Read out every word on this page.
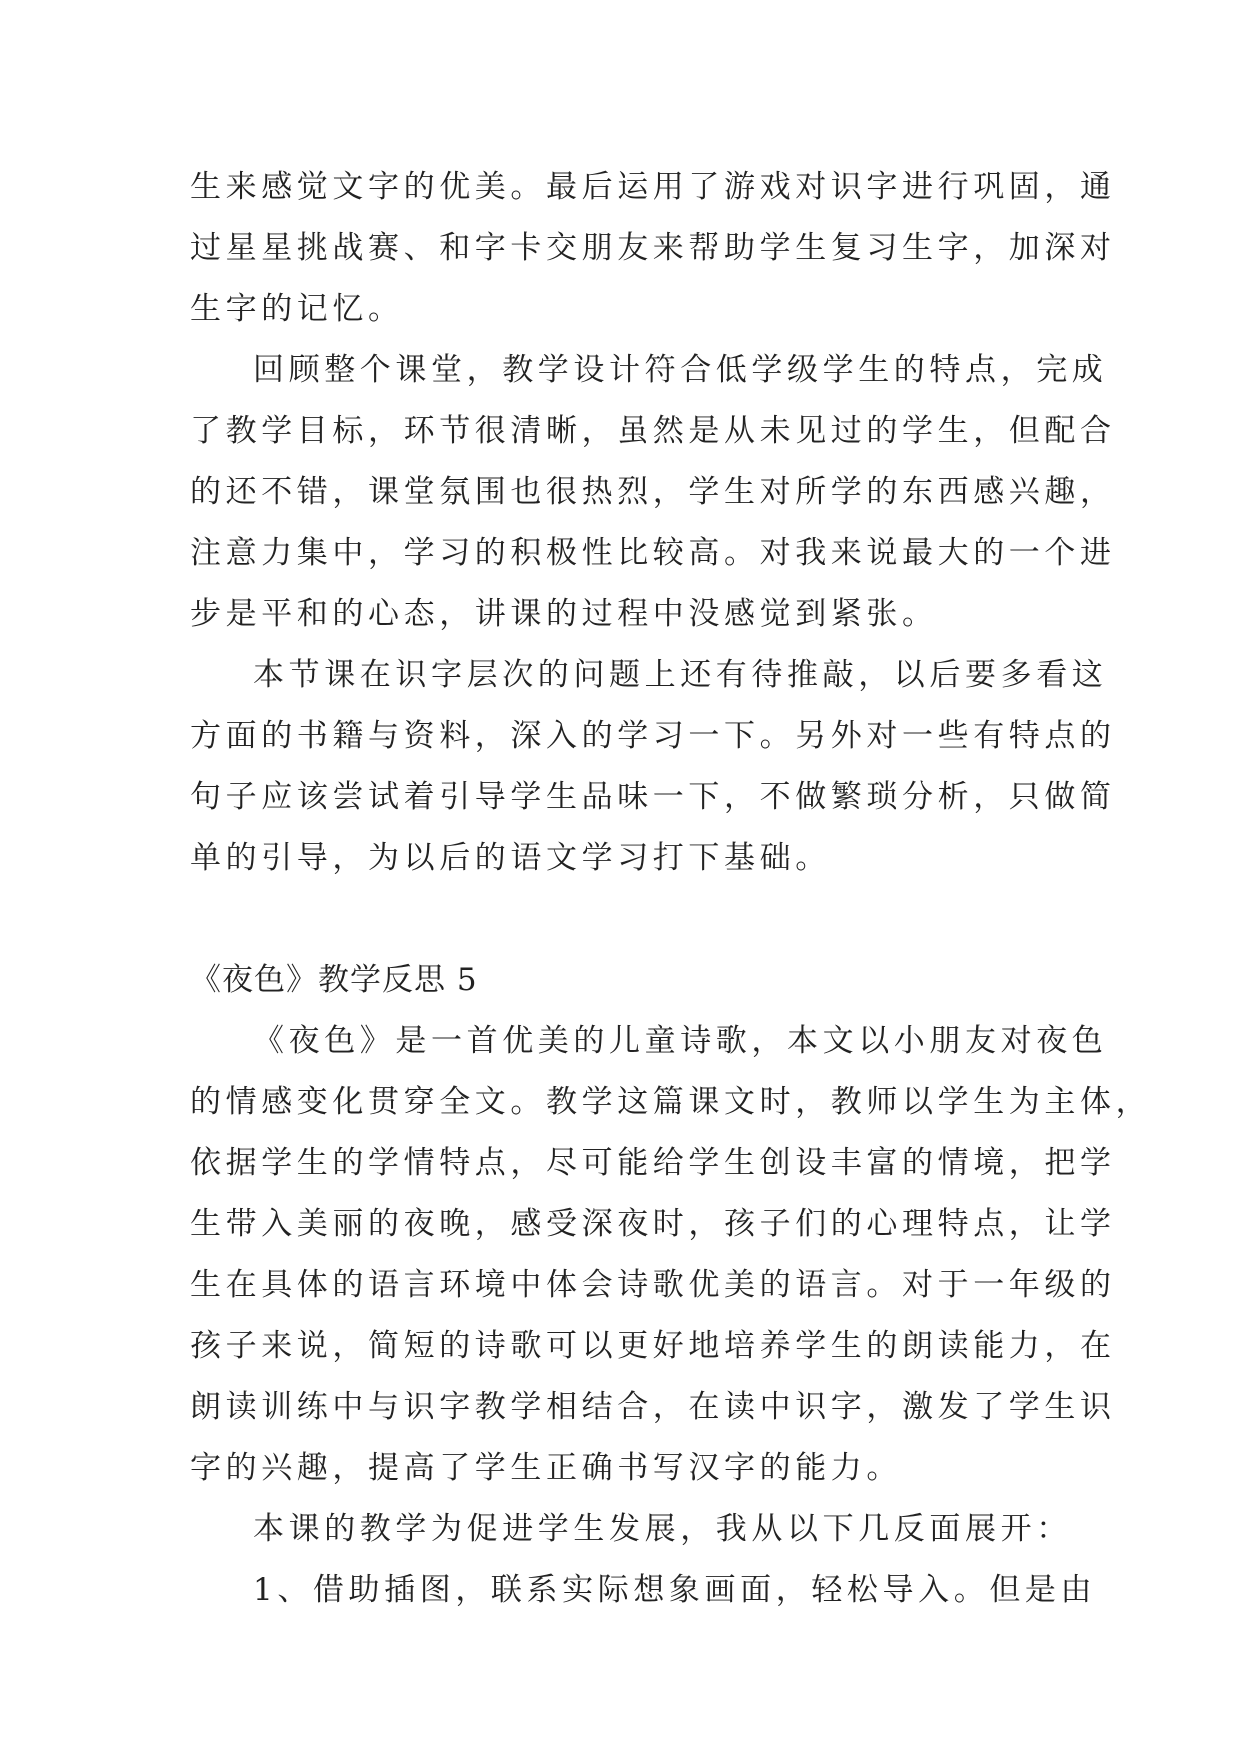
生来感觉文字的优美。最后运用了游戏对识字进行巩固，通
过星星挑战赛、和字卡交朋友来帮助学生复习生字，加深对
生字的记忆。
回顾整个课堂，教学设计符合低学级学生的特点，完成
了教学目标，环节很清晰，虽然是从未见过的学生，但配合
的还不错，课堂氛围也很热烈，学生对所学的东西感兴趣，
注意力集中，学习的积极性比较高。对我来说最大的一个进
步是平和的心态，讲课的过程中没感觉到紧张。
本节课在识字层次的问题上还有待推敲，以后要多看这
方面的书籍与资料，深入的学习一下。另外对一些有特点的
句子应该尝试着引导学生品味一下，不做繁琐分析，只做简
单的引导，为以后的语文学习打下基础。
《夜色》教学反思 5
《夜色》是一首优美的儿童诗歌，本文以小朋友对夜色
的情感变化贯穿全文。教学这篇课文时，教师以学生为主体，
依据学生的学情特点，尽可能给学生创设丰富的情境，把学
生带入美丽的夜晚，感受深夜时，孩子们的心理特点，让学
生在具体的语言环境中体会诗歌优美的语言。对于一年级的
孩子来说，简短的诗歌可以更好地培养学生的朗读能力，在
朗读训练中与识字教学相结合，在读中识字，激发了学生识
字的兴趣，提高了学生正确书写汉字的能力。
本课的教学为促进学生发展，我从以下几反面展开：
1、借助插图，联系实际想象画面，轻松导入。但是由
